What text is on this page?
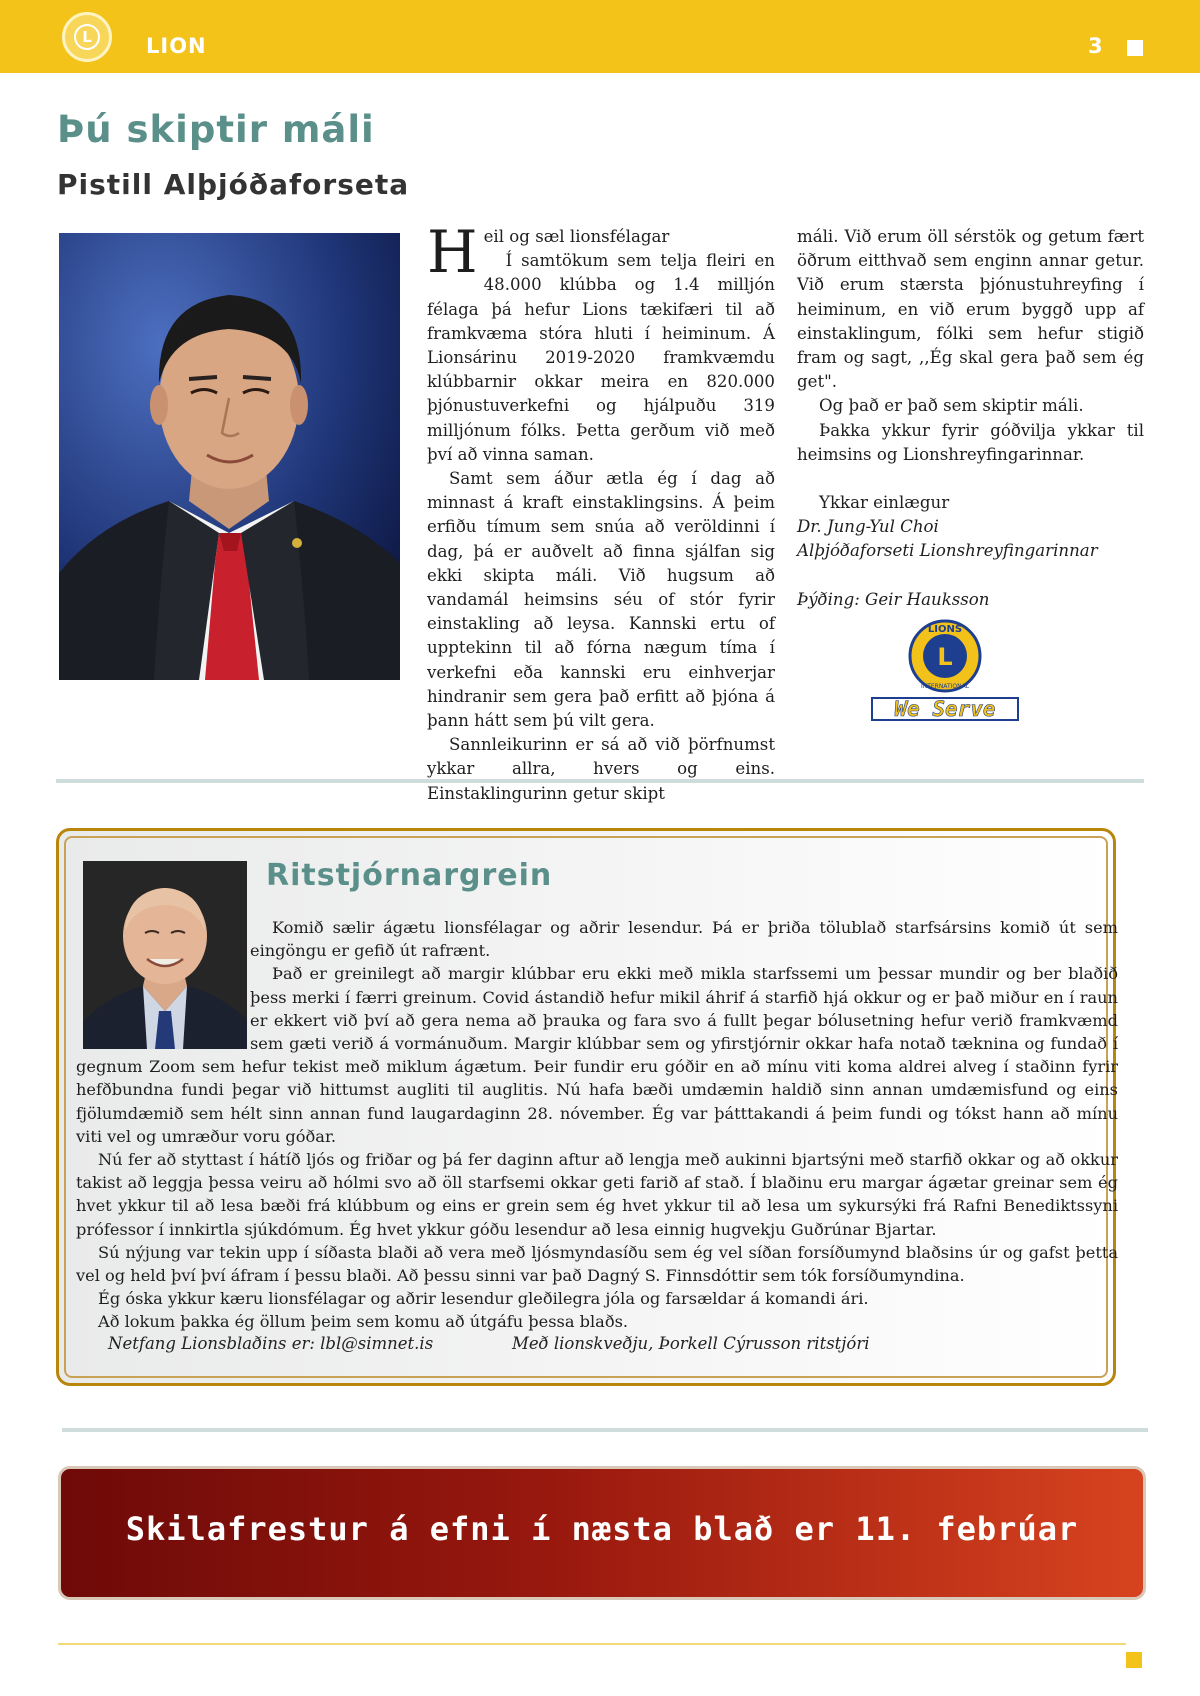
L	LION	3
Þú skiptir máli
Pistill Alþjóðaforseta

Heil og sæl lionsfélagar

Í samtökum sem telja fleiri en 48.000 klúbba og 1.4 milljón félaga þá hefur Lions tækifæri til að framkvæma stóra hluti í heiminum. Á Lionsárinu 2019-2020 framkvæmdu klúbbarnir okkar meira en 820.000 þjónustuverkefni og hjálpuðu 319 milljónum fólks. Þetta gerðum við með því að vinna saman.

Samt sem áður ætla ég í dag að minnast á kraft einstaklingsins. Á þeim erfiðu tímum sem snúa að veröldinni í dag, þá er auðvelt að finna sjálfan sig ekki skipta máli. Við hugsum að vandamál heimsins séu of stór fyrir einstakling að leysa. Kannski ertu of upptekinn til að fórna nægum tíma í verkefni eða kannski eru einhverjar hindranir sem gera það erfitt að þjóna á þann hátt sem þú vilt gera.

Sannleikurinn er sá að við þörfnumst ykkar allra, hvers og eins. Einstaklingurinn getur skipt

máli. Við erum öll sérstök og getum fært öðrum eitthvað sem enginn annar getur. Við erum stærsta þjónustuhreyfing í heiminum, en við erum byggð upp af einstaklingum, fólki sem hefur stigið fram og sagt, ,,Ég skal gera það sem ég get".

Og það er það sem skiptir máli.

Þakka ykkur fyrir góðvilja ykkar til heimsins og Lionshreyfingarinnar.

Ykkar einlægur

Dr. Jung-Yul Choi

Alþjóðaforseti Lionshreyfingarinnar

Þýðing: Geir Hauksson

L
LIONS
INTERNATIONAL
We Serve
Ritstjórnargrein

Komið sælir ágætu lionsfélagar og aðrir lesendur. Þá er þriða tölublað starfsársins komið út sem eingöngu er gefið út rafrænt.

Það er greinilegt að margir klúbbar eru ekki með mikla starfssemi um þessar mundir og ber blaðið þess merki í færri greinum. Covid ástandið hefur mikil áhrif á starfið hjá okkur og er það miður en í raun er ekkert við því að gera nema að þrauka og fara svo á fullt þegar bólusetning hefur verið framkvæmd sem gæti verið á vormánuðum. Margir klúbbar sem og yfirstjórnir okkar hafa notað tæknina og fundað í gegnum Zoom sem hefur tekist með miklum ágætum. Þeir fundir eru góðir en að mínu viti koma aldrei alveg í staðinn fyrir hefðbundna fundi þegar við hittumst augliti til auglitis. Nú hafa bæði umdæmin haldið sinn annan umdæmisfund og eins fjölumdæmið sem hélt sinn annan fund laugardaginn 28. nóvember. Ég var þátttakandi á þeim fundi og tókst hann að mínu viti vel og umræður voru góðar.

Nú fer að styttast í hátíð ljós og friðar og þá fer daginn aftur að lengja með aukinni bjartsýni með starfið okkar og að okkur takist að leggja þessa veiru að hólmi svo að öll starfsemi okkar geti farið af stað. Í blaðinu eru margar ágætar greinar sem ég hvet ykkur til að lesa bæði frá klúbbum og eins er grein sem ég hvet ykkur til að lesa um sykursýki frá Rafni Benediktssyni prófessor í innkirtla sjúkdómum. Ég hvet ykkur góðu lesendur að lesa einnig hugvekju Guðrúnar Bjartar.

Sú nýjung var tekin upp í síðasta blaði að vera með ljósmyndasíðu sem ég vel síðan forsíðumynd blaðsins úr og gafst þetta vel og held því því áfram í þessu blaði. Að þessu sinni var það Dagný S. Finnsdóttir sem tók forsíðumyndina.

Ég óska ykkur kæru lionsfélagar og aðrir lesendur gleðilegra jóla og farsældar á komandi ári.

Að lokum þakka ég öllum þeim sem komu að útgáfu þessa blaðs.

Netfang Lionsblaðins er: lbl@simnet.is	Með lionskveðju, Þorkell Cýrusson ritstjóri
Skilafrestur á efni í næsta blað er 11. febrúar
